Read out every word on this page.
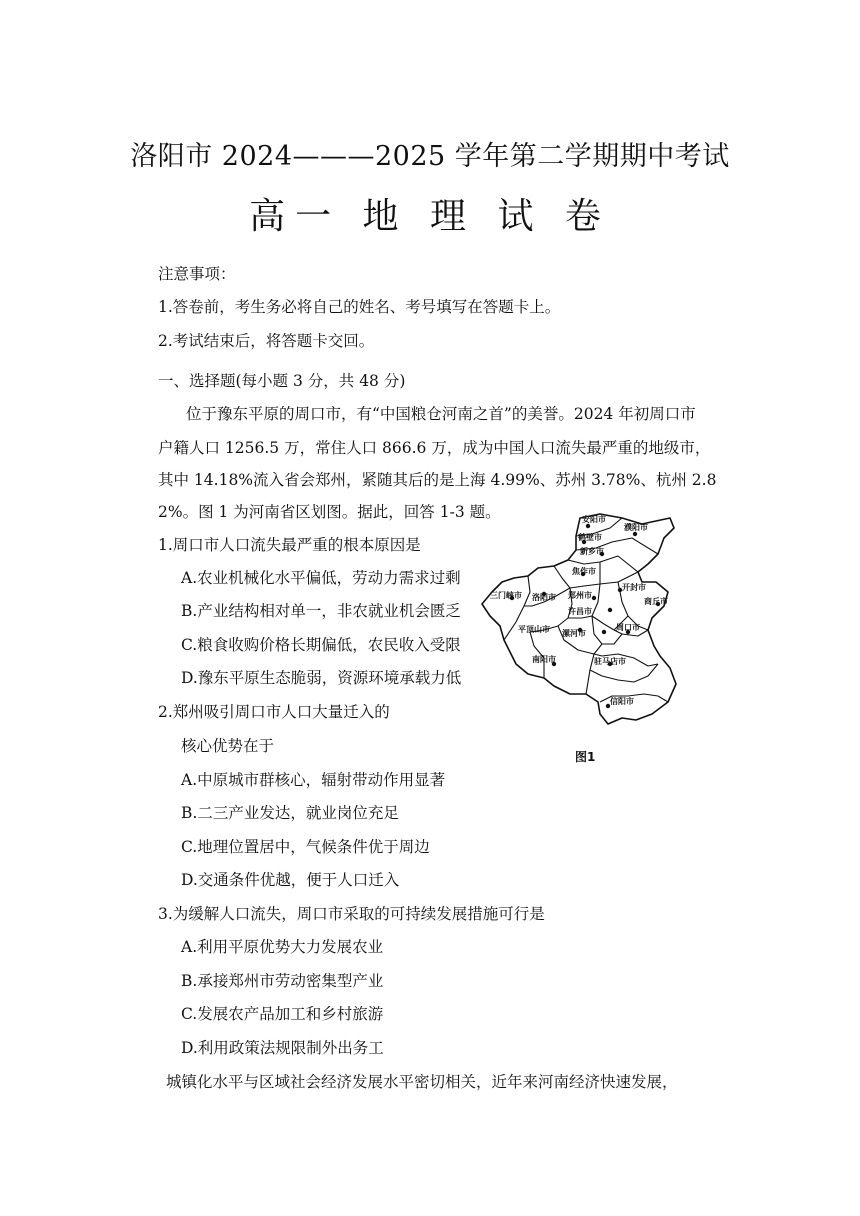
洛阳市 2024———2025 学年第二学期期中考试
高一 地 理 试 卷
注意事项：
1.答卷前，考生务必将自己的姓名、考号填写在答题卡上。
2.考试结束后，将答题卡交回。
一、选择题(每小题 3 分，共 48 分)
位于豫东平原的周口市，有“中国粮仓河南之首”的美誉。2024 年初周口市
户籍人口 1256.5 万，常住人口 866.6 万，成为中国人口流失最严重的地级市，
其中 14.18%流入省会郑州，紧随其后的是上海 4.99%、苏州 3.78%、杭州 2.8
2%。图 1 为河南省区划图。据此，回答 1-3 题。
1.周口市人口流失最严重的根本原因是
A.农业机械化水平偏低，劳动力需求过剩
B.产业结构相对单一，非农就业机会匮乏
C.粮食收购价格长期偏低，农民收入受限
D.豫东平原生态脆弱，资源环境承载力低
2.郑州吸引周口市人口大量迁入的
核心优势在于
A.中原城市群核心，辐射带动作用显著
B.二三产业发达，就业岗位充足
C.地理位置居中，气候条件优于周边
D.交通条件优越，便于人口迁入
3.为缓解人口流失，周口市采取的可持续发展措施可行是
A.利用平原优势大力发展农业
B.承接郑州市劳动密集型产业
C.发展农产品加工和乡村旅游
D.利用政策法规限制外出务工
城镇化水平与区域社会经济发展水平密切相关，近年来河南经济快速发展，
安阳市
濮阳市
鹤壁市
新乡市
焦作市
开封市
三门峡市 洛阳市 郑州市
商丘市
许昌市
平顶山市 漯河市
周口市
南阳市	驻马店市
信阳市
图1
